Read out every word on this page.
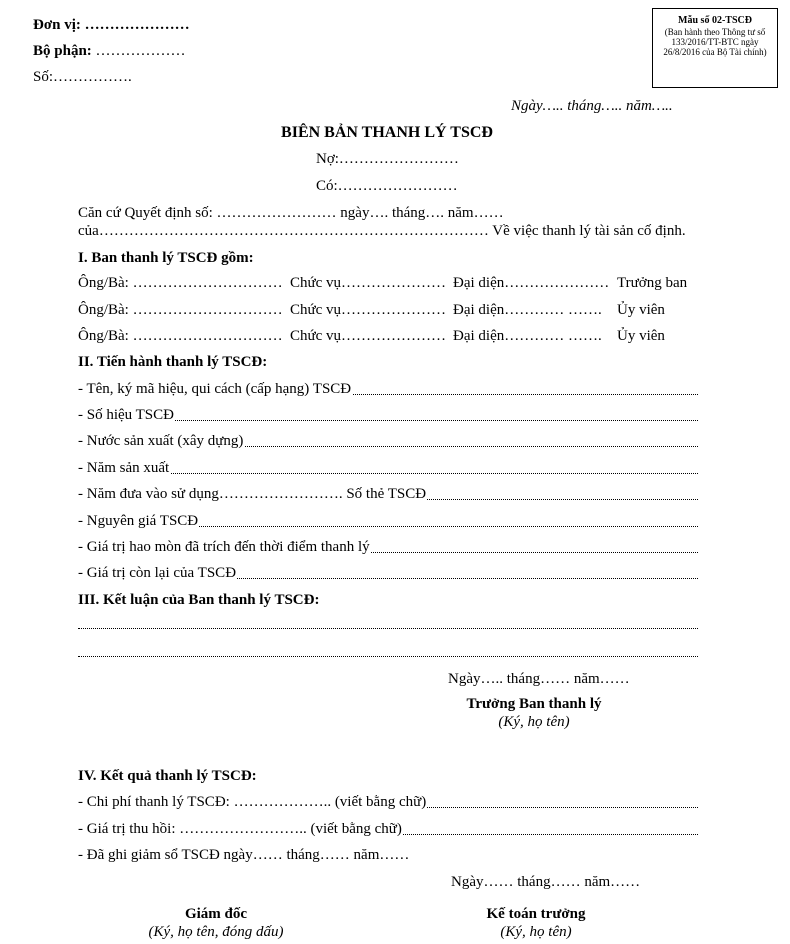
Đơn vị: …………………
Bộ phận: ………………
Số:…………….
Mẫu số 02-TSCĐ
(Ban hành theo Thông tư số 133/2016/TT-BTC ngày 26/8/2016 của Bộ Tài chính)
Ngày….. tháng….. năm…..
BIÊN BẢN THANH LÝ TSCĐ
Nợ:……………………
Có:……………………
Căn cứ Quyết định số: …………………… ngày…. tháng…. năm……
của…………………………………………………………………… Về việc thanh lý tài sản cố định.
I. Ban thanh lý TSCĐ gồm:
Ông/Bà: ………………………… Chức vụ………………… Đại diện………………… Trưởng ban
Ông/Bà: ………………………… Chức vụ………………… Đại diện………… ……. Ủy viên
Ông/Bà: ………………………… Chức vụ………………… Đại diện………… ……. Ủy viên
II. Tiến hành thanh lý TSCĐ:
- Tên, ký mã hiệu, qui cách (cấp hạng) TSCĐ
- Số hiệu TSCĐ
- Nước sản xuất (xây dựng)
- Năm sản xuất
- Năm đưa vào sử dụng……………………. Số thẻ TSCĐ
- Nguyên giá TSCĐ
- Giá trị hao mòn đã trích đến thời điểm thanh lý
- Giá trị còn lại của TSCĐ
III. Kết luận của Ban thanh lý TSCĐ:
Ngày….. tháng…… năm……
Trưởng Ban thanh lý
(Ký, họ tên)
IV. Kết quả thanh lý TSCĐ:
- Chi phí thanh lý TSCĐ: ……………….. (viết bằng chữ)
- Giá trị thu hồi: …………………….. (viết bằng chữ)
- Đã ghi giảm sổ TSCĐ ngày…… tháng…… năm……
Ngày…… tháng…… năm……
Giám đốc
(Ký, họ tên, đóng dấu)
Kế toán trưởng
(Ký, họ tên)
